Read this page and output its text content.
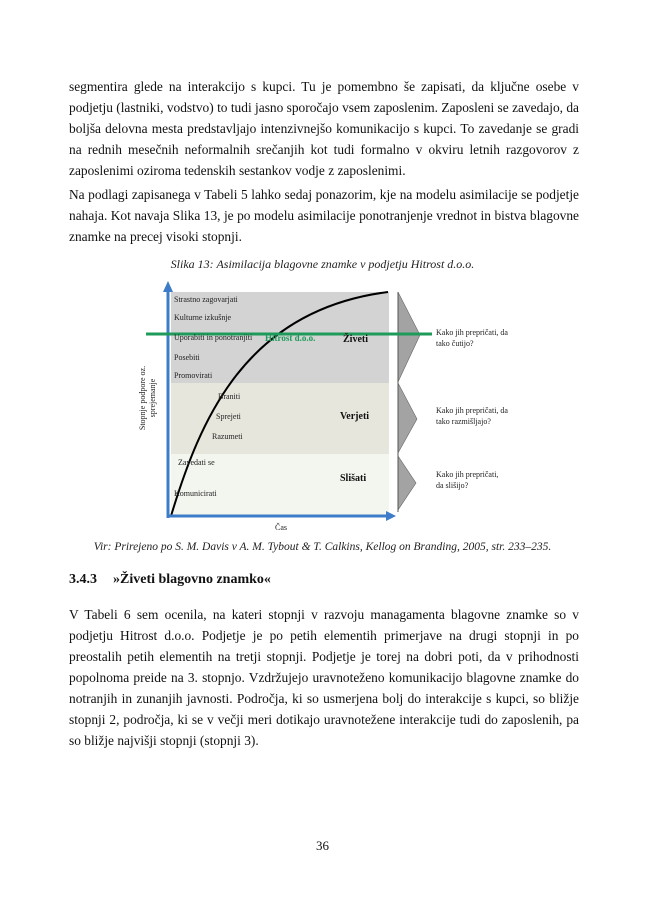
segmentira glede na interakcijo s kupci. Tu je pomembno še zapisati, da ključne osebe v podjetju (lastniki, vodstvo) to tudi jasno sporočajo vsem zaposlenim. Zaposleni se zavedajo, da boljša delovna mesta predstavljajo intenzivnejšo komunikacijo s kupci. To zavedanje se gradi na rednih mesečnih neformalnih srečanjih kot tudi formalno v okviru letnih razgovorov z zaposlenimi oziroma tedenskih sestankov vodje z zaposlenimi.

Na podlagi zapisanega v Tabeli 5 lahko sedaj ponazorim, kje na modelu asimilacije se podjetje nahaja. Kot navaja Slika 13, je po modelu asimilacije ponotranjenje vrednot in bistva blagovne znamke na precej visoki stopnji.

Slika 13: Asimilacija blagovne znamke v podjetju Hitrost d.o.o.
Strastno zagovarjati
Kulturne izkušnje
Uporabiti in ponotranjiti
Posebiti
Promovirati
Braniti
Sprejeti
Razumeti
Zavedati se
Komunicirati
Živeti
Verjeti
Slišati
Hitrost d.o.o.
Kako jih prepričati, da
tako čutijo?
Kako jih prepričati, da
tako razmišljajo?
Kako jih prepričati,
da slišijo?
Stopnje podpore oz. sprejemanje
Čas
Vir: Prirejeno po S. M. Davis v A. M. Tybout & T. Calkins, Kellog on Branding, 2005, str. 233–235.
3.4.3 »Živeti blagovno znamko«

V Tabeli 6 sem ocenila, na kateri stopnji v razvoju managamenta blagovne znamke so v podjetju Hitrost d.o.o. Podjetje je po petih elementih primerjave na drugi stopnji in po preostalih petih elementih na tretji stopnji. Podjetje je torej na dobri poti, da v prihodnosti popolnoma preide na 3. stopnjo. Vzdržujejo uravnoteženo komunikacijo blagovne znamke do notranjih in zunanjih javnosti. Področja, ki so usmerjena bolj do interakcije s kupci, so bližje stopnji 2, področja, ki se v večji meri dotikajo uravnotežene interakcije tudi do zaposlenih, pa so bližje najvišji stopnji (stopnji 3).

36
